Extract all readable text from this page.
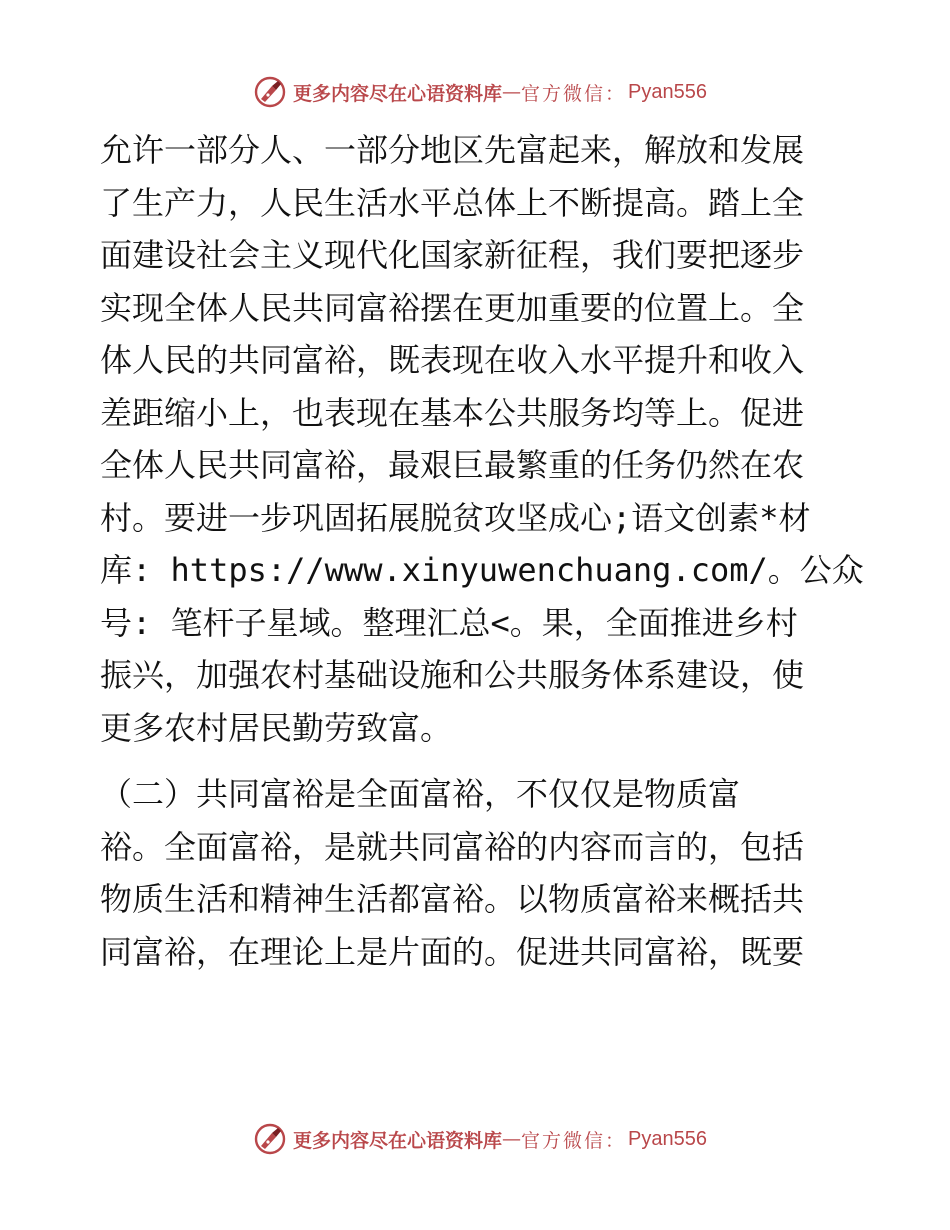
更多内容尽在心语资料库 — 官方微信： Pyan556
允许一部分人、一部分地区先富起来，解放和发展
了生产力，人民生活水平总体上不断提高。踏上全
面建设社会主义现代化国家新征程，我们要把逐步
实现全体人民共同富裕摆在更加重要的位置上。全
体人民的共同富裕，既表现在收入水平提升和收入
差距缩小上，也表现在基本公共服务均等上。促进
全体人民共同富裕，最艰巨最繁重的任务仍然在农
村。要进一步巩固拓展脱贫攻坚成心;语文创素*材
库: https://www.xinyuwenchuang.com/。公众
号: 笔杆子星域。整理汇总<。果，全面推进乡村
振兴，加强农村基础设施和公共服务体系建设，使
更多农村居民勤劳致富。
（二）共同富裕是全面富裕，不仅仅是物质富
裕。全面富裕，是就共同富裕的内容而言的，包括
物质生活和精神生活都富裕。以物质富裕来概括共
同富裕，在理论上是片面的。促进共同富裕，既要
更多内容尽在心语资料库 — 官方微信： Pyan556
